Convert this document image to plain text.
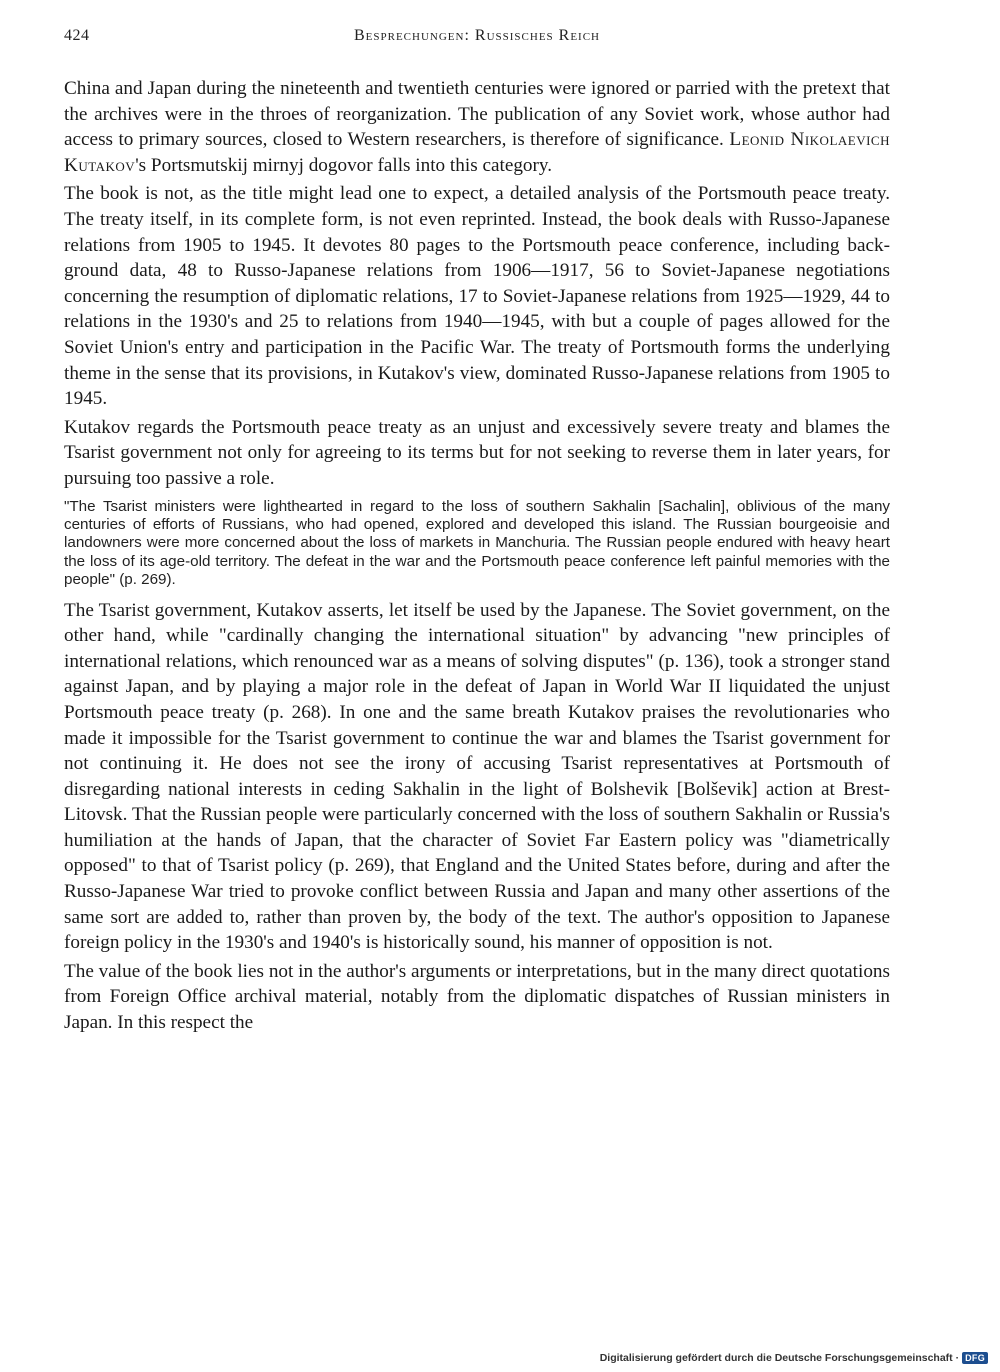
424	Besprechungen: Russisches Reich

China and Japan during the nineteenth and twentieth centuries were ignored or parried with the pretext that the archives were in the throes of reorganization. The publication of any Soviet work, whose author had access to primary sources, closed to Western researchers, is therefore of significance. Leonid Nikolaevich Kutakov's Portsmutskij mirnyj dogovor falls into this category.

The book is not, as the title might lead one to expect, a detailed analysis of the Portsmouth peace treaty. The treaty itself, in its complete form, is not even reprinted. Instead, the book deals with Russo-Japanese relations from 1905 to 1945. It devotes 80 pages to the Portsmouth peace conference, including background data, 48 to Russo-Japanese relations from 1906—1917, 56 to Soviet-Japanese negotiations concerning the resumption of diplomatic relations, 17 to Soviet-Japanese relations from 1925—1929, 44 to relations in the 1930's and 25 to relations from 1940—1945, with but a couple of pages allowed for the Soviet Union's entry and participation in the Pacific War. The treaty of Portsmouth forms the underlying theme in the sense that its provisions, in Kutakov's view, dominated Russo-Japanese relations from 1905 to 1945.

Kutakov regards the Portsmouth peace treaty as an unjust and excessively severe treaty and blames the Tsarist government not only for agreeing to its terms but for not seeking to reverse them in later years, for pursuing too passive a role.

"The Tsarist ministers were lighthearted in regard to the loss of southern Sakhalin [Sachalin], oblivious of the many centuries of efforts of Russians, who had opened, explored and developed this island. The Russian bourgeoisie and landowners were more concerned about the loss of markets in Manchuria. The Russian people endured with heavy heart the loss of its age-old territory. The defeat in the war and the Portsmouth peace conference left painful memories with the people" (p. 269).

The Tsarist government, Kutakov asserts, let itself be used by the Japanese. The Soviet government, on the other hand, while "cardinally changing the international situation" by advancing "new principles of international relations, which renounced war as a means of solving disputes" (p. 136), took a stronger stand against Japan, and by playing a major role in the defeat of Japan in World War II liquidated the unjust Portsmouth peace treaty (p. 268). In one and the same breath Kutakov praises the revolutionaries who made it impossible for the Tsarist government to continue the war and blames the Tsarist government for not continuing it. He does not see the irony of accusing Tsarist representatives at Portsmouth of disregarding national interests in ceding Sakhalin in the light of Bolshevik [Bolševik] action at Brest-Litovsk. That the Russian people were particularly concerned with the loss of southern Sakhalin or Russia's humiliation at the hands of Japan, that the character of Soviet Far Eastern policy was "diametrically opposed" to that of Tsarist policy (p. 269), that England and the United States before, during and after the Russo-Japanese War tried to provoke conflict between Russia and Japan and many other assertions of the same sort are added to, rather than proven by, the body of the text. The author's opposition to Japanese foreign policy in the 1930's and 1940's is historically sound, his manner of opposition is not.

The value of the book lies not in the author's arguments or interpretations, but in the many direct quotations from Foreign Office archival material, notably from the diplomatic dispatches of Russian ministers in Japan. In this respect the

Digitalisierung gefördert durch die Deutsche Forschungsgemeinschaft · DFG
